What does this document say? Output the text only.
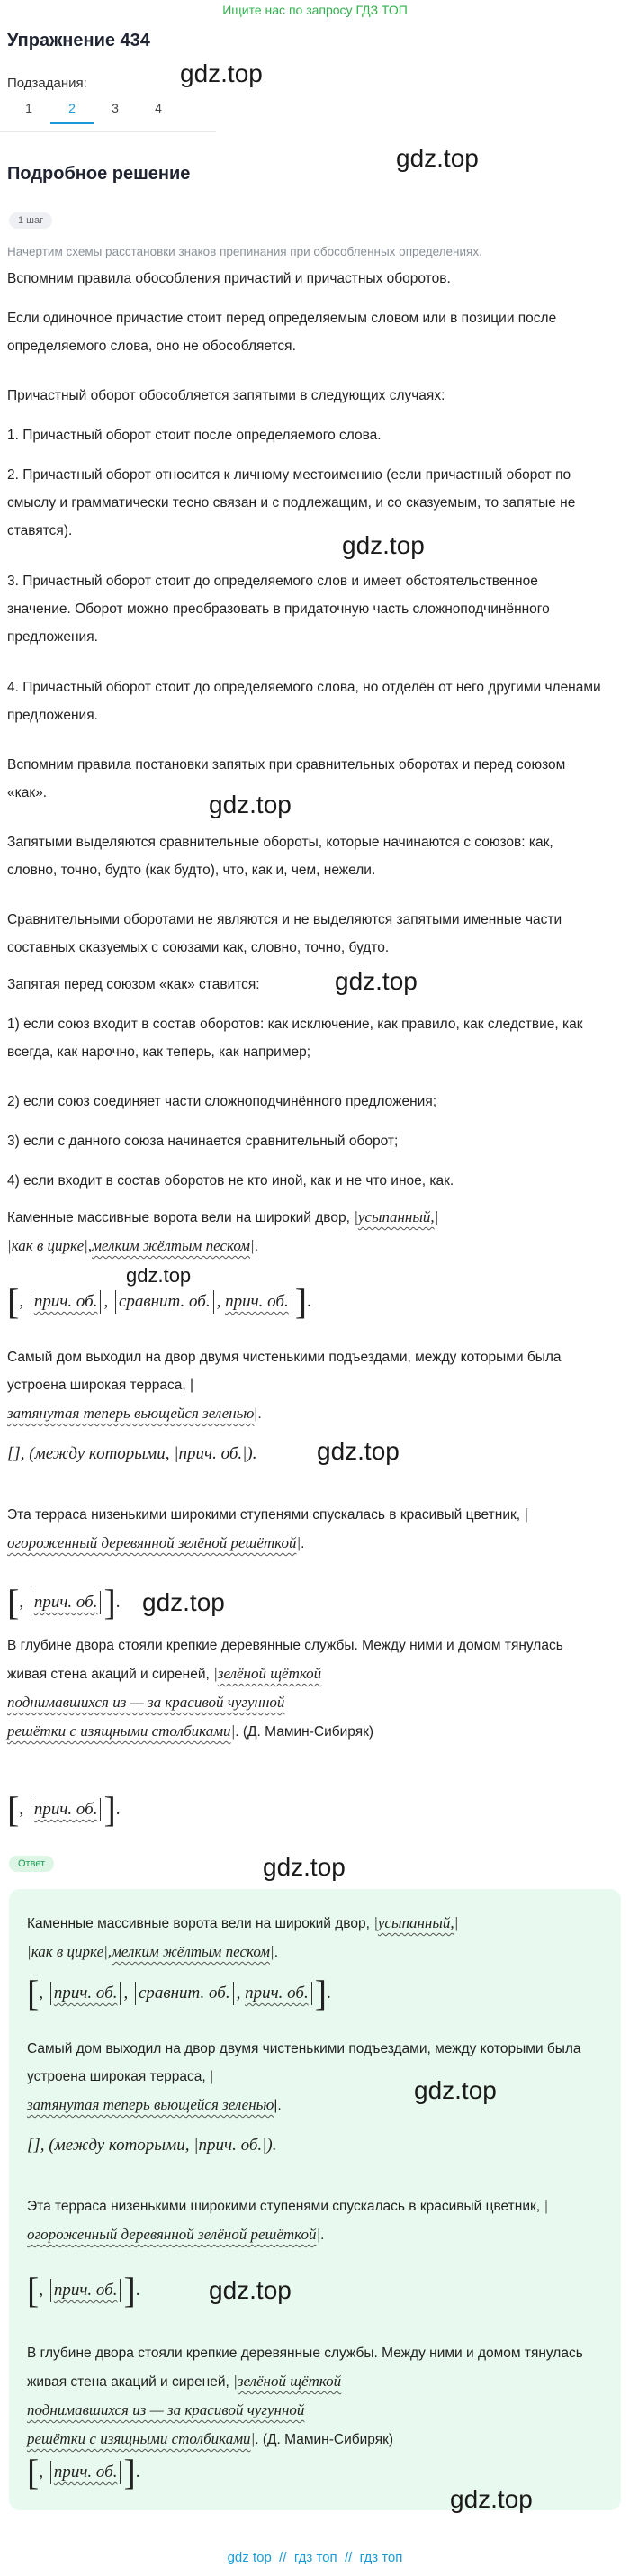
Ищите нас по запросу ГДЗ ТОП
Упражнение 434
gdz.top
Подзадания:
1	2	3	4
Подробное решение
gdz.top
1 шаг
Начертим схемы расстановки знаков препинания при обособленных определениях.
Вспомним правила обособления причастий и причастных оборотов.
Если одиночное причастие стоит перед определяемым словом или в позиции после определяемого слова, оно не обособляется.
Причастный оборот обособляется запятыми в следующих случаях:
1. Причастный оборот стоит после определяемого слова.
2. Причастный оборот относится к личному местоимению (если причастный оборот по смыслу и грамматически тесно связан и с подлежащим, и со сказуемым, то запятые не ставятся).
gdz.top
3. Причастный оборот стоит до определяемого слов и имеет обстоятельственное значение. Оборот можно преобразовать в придаточную часть сложноподчинённого предложения.
4. Причастный оборот стоит до определяемого слова, но отделён от него другими членами предложения.
Вспомним правила постановки запятых при сравнительных оборотах и перед союзом «как».	gdz.top
Запятыми выделяются сравнительные обороты, которые начинаются с союзов: как, словно, точно, будто (как будто), что, как и, чем, нежели.
Сравнительными оборотами не являются и не выделяются запятыми именные части составных сказуемых с союзами как, словно, точно, будто.
gdz.top
Запятая перед союзом «как» ставится:
1) если союз входит в состав оборотов: как исключение, как правило, как следствие, как всегда, как нарочно, как теперь, как например;
2) если союз соединяет части сложноподчинённого предложения;
3) если с данного союза начинается сравнительный оборот;
4) если входит в состав оборотов не кто иной, как и не что иное, как.
Каменные массивные ворота вели на широкий двор, |усыпанный,|
|как в цирке|,мелким жёлтым песком|.
gdz.top
[ ,
прич. об. ,
сравнит. об. ,
прич. об. ] .
Самый дом выходил на двор двумя чистенькими подъездами, между которыми была устроена широкая терраса, |
затянутая теперь вьющейся зеленью|.
[], (между которыми, |прич. об.|). gdz.top
Эта терраса низенькими широкими ступенями спускалась в красивый цветник, |огороженный деревянной зелёной решёткой|.
[ ,
прич. об. ] . gdz.top
В глубине двора стояли крепкие деревянные службы. Между ними и домом тянулась живая стена акаций и сиреней, |зелёной щёткой
поднимавшихся из — за красивой чугунной
решётки с изящными столбиками|. (Д. Мамин-Сибиряк)
[ ,
прич. об. ] .
Ответ	gdz.top
Каменные массивные ворота вели на широкий двор, |усыпанный,|
|как в цирке|,мелким жёлтым песком|.
[ ,
прич. об. ,
сравнит. об. ,
прич. об. ] .
Самый дом выходил на двор двумя чистенькими подъездами, между которыми была устроена широкая терраса, |
затянутая теперь вьющейся зеленью|.
gdz.top
[], (между которыми, |прич. об.|).
Эта терраса низенькими широкими ступенями спускалась в красивый цветник, |огороженный деревянной зелёной решёткой|.
gdz.top
[ ,
прич. об. ] .
В глубине двора стояли крепкие деревянные службы. Между ними и домом тянулась живая стена акаций и сиреней, |зелёной щёткой
поднимавшихся из — за красивой чугунной
решётки с изящными столбиками|. (Д. Мамин-Сибиряк)
[ ,
прич. об. ] .
gdz.top
gdz top // гдз топ // гдз топ
